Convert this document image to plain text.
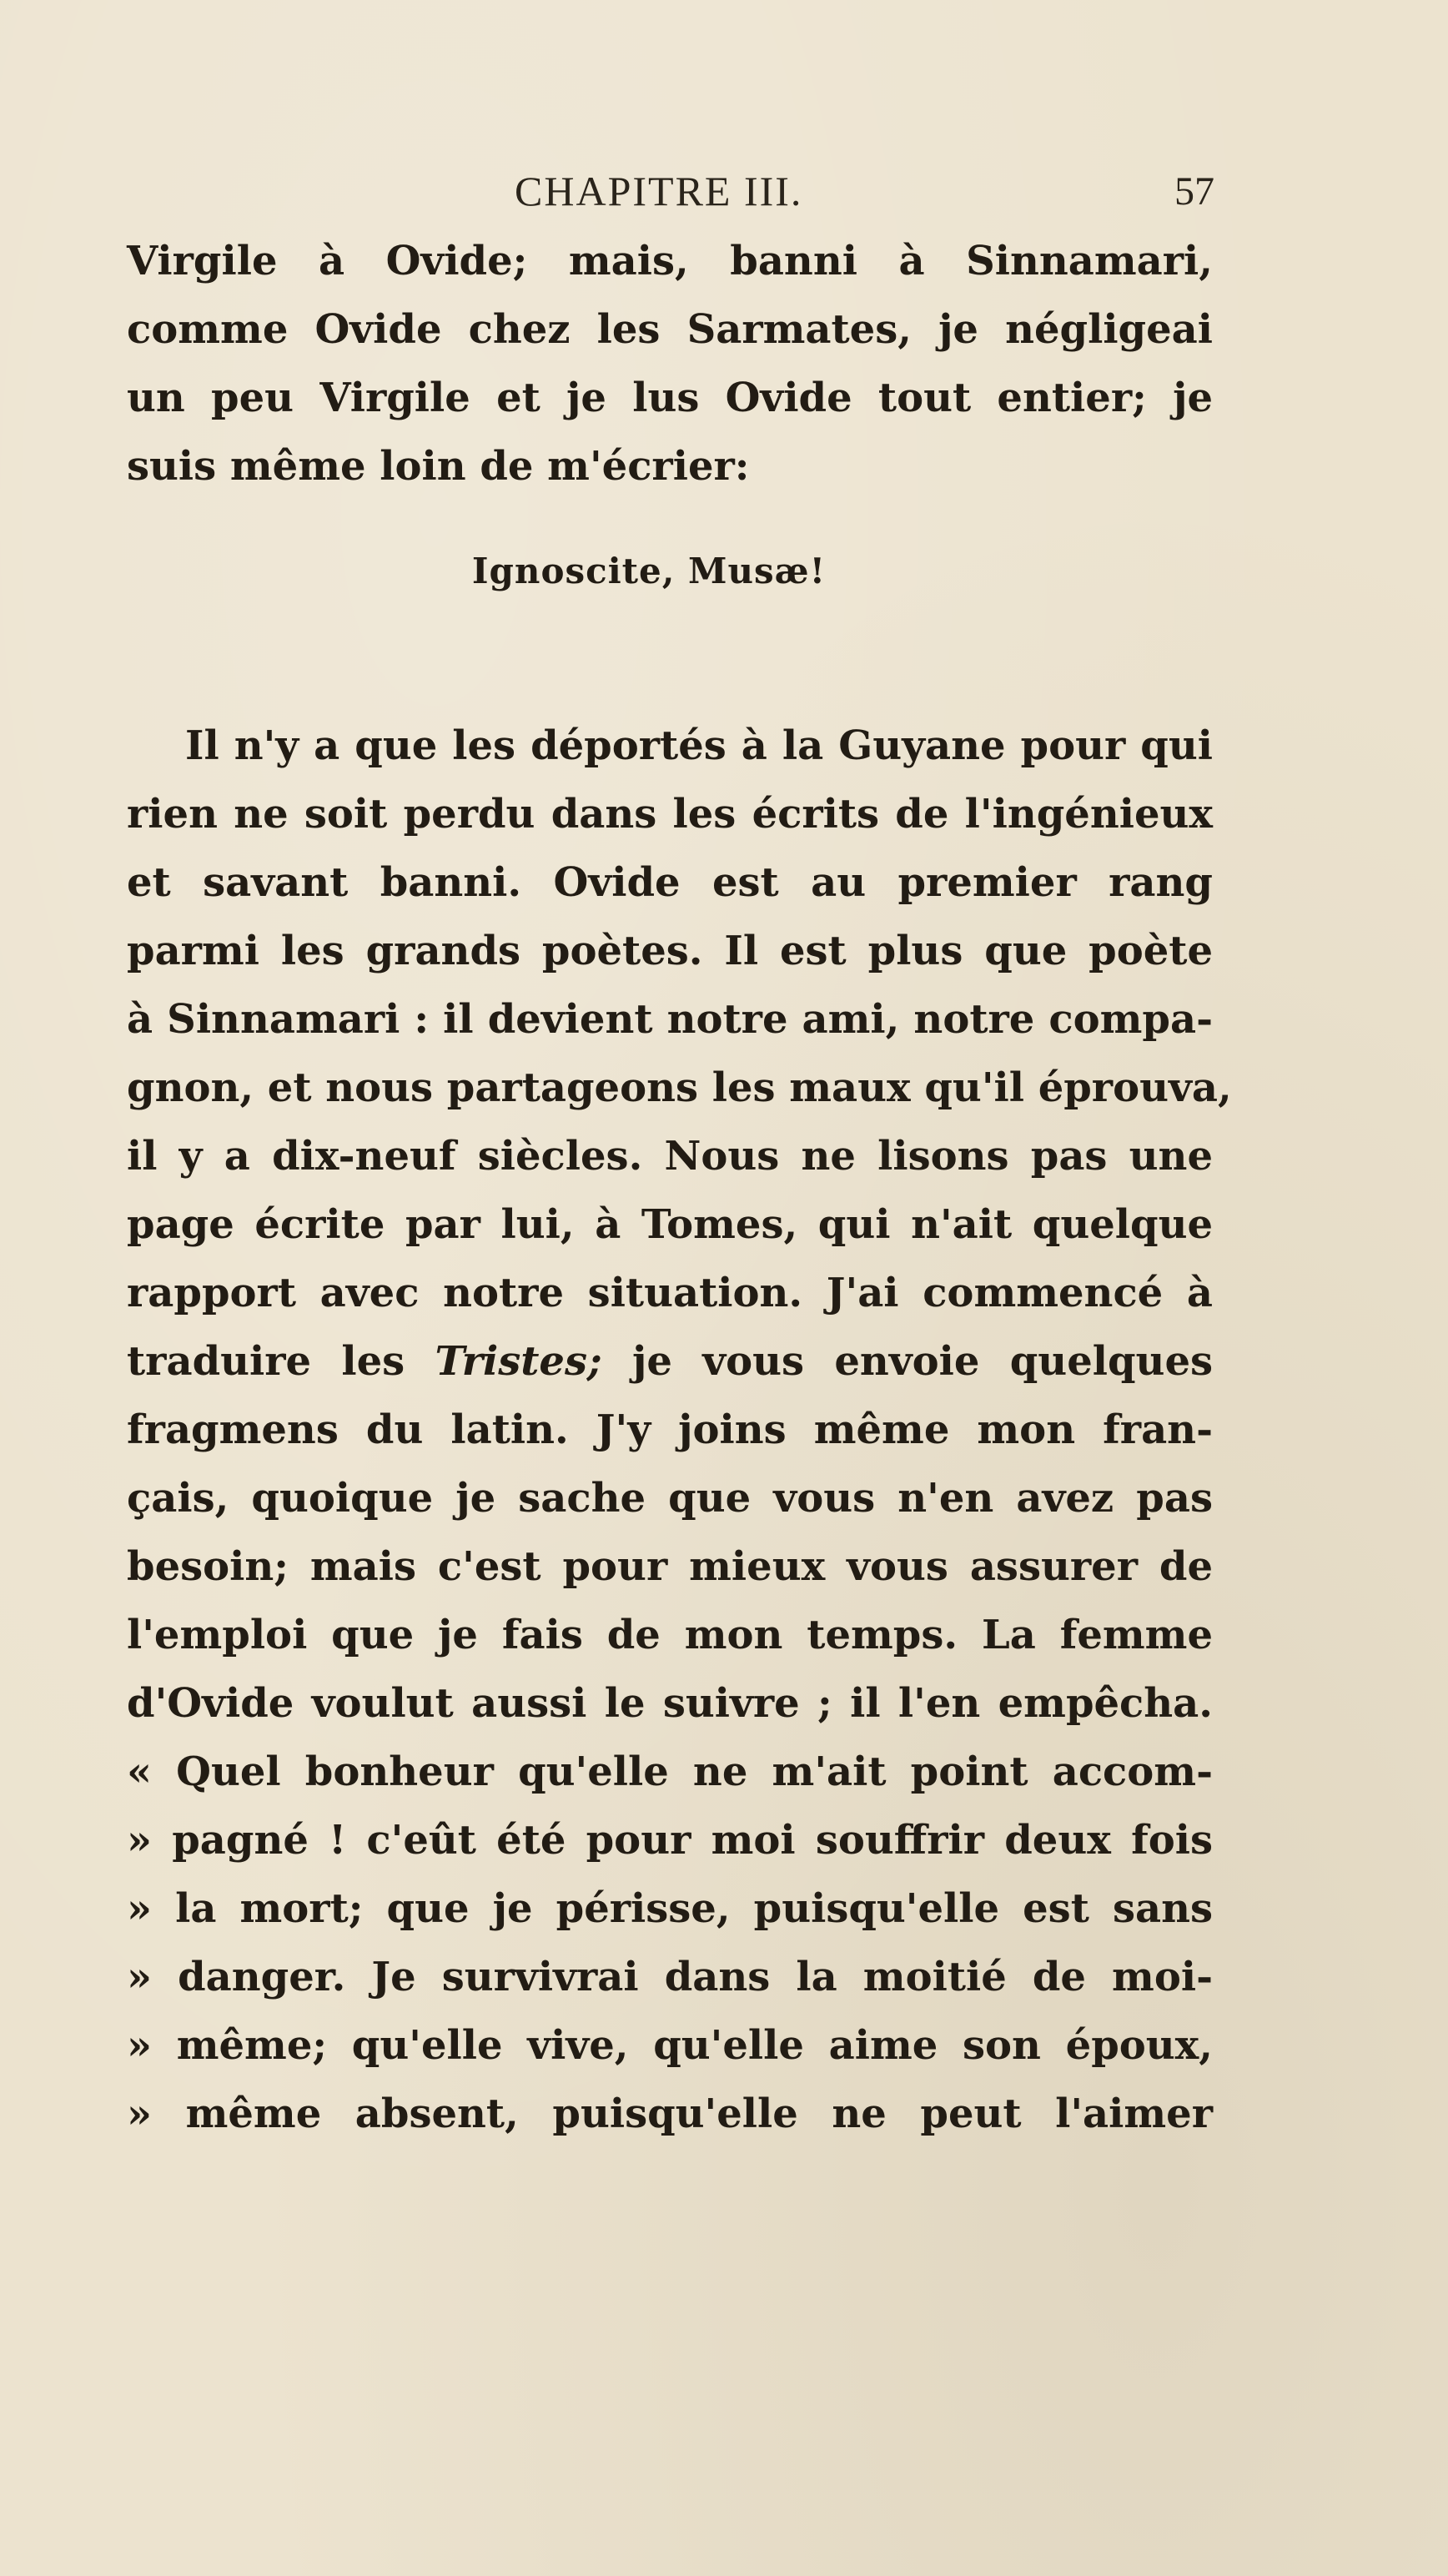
CHAPITRE III.	57
Virgile à Ovide; mais, banni à Sinnamari,
comme Ovide chez les Sarmates, je négligeai
un peu Virgile et je lus Ovide tout entier; je
suis même loin de m'écrier:
Ignoscite, Musæ!
Il n'y a que les déportés à la Guyane pour qui
rien ne soit perdu dans les écrits de l'ingénieux
et savant banni. Ovide est au premier rang
parmi les grands poètes. Il est plus que poète
à Sinnamari : il devient notre ami, notre compa-
gnon, et nous partageons les maux qu'il éprouva,
il y a dix-neuf siècles. Nous ne lisons pas une
page écrite par lui, à Tomes, qui n'ait quelque
rapport avec notre situation. J'ai commencé à
traduire les Tristes; je vous envoie quelques
fragmens du latin. J'y joins même mon fran-
çais, quoique je sache que vous n'en avez pas
besoin; mais c'est pour mieux vous assurer de
l'emploi que je fais de mon temps. La femme
d'Ovide voulut aussi le suivre ; il l'en empêcha.
« Quel bonheur qu'elle ne m'ait point accom-
» pagné ! c'eût été pour moi souffrir deux fois
» la mort; que je périsse, puisqu'elle est sans
» danger. Je survivrai dans la moitié de moi-
» même; qu'elle vive, qu'elle aime son époux,
» même absent, puisqu'elle ne peut l'aimer
